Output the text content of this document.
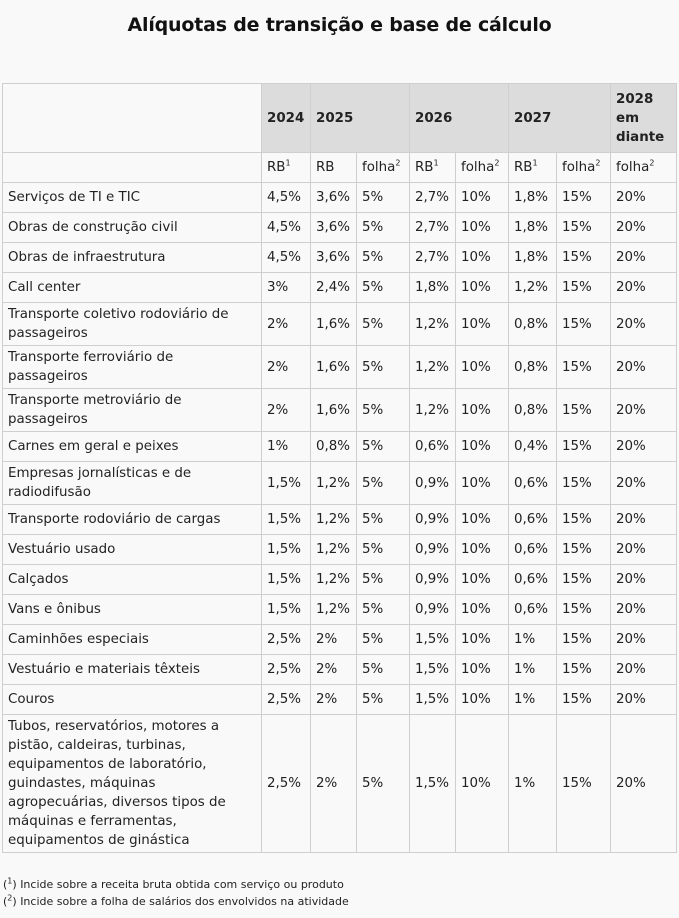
Alíquotas de transição e base de cálculo
	2024	2025		2026		2027		2028 em diante
	$RB^1$	RB	folha$^2$	$RB^1$	folha$^2$	$RB^1$	folha$^2$	folha$^2$
Serviços de TI e TIC	4,5%	3,6%	5%	2,7%	10%	1,8%	15%	20%
Obras de construção civil	4,5%	3,6%	5%	2,7%	10%	1,8%	15%	20%
Obras de infraestrutura	4,5%	3,6%	5%	2,7%	10%	1,8%	15%	20%
Call center	3%	2,4%	5%	1,8%	10%	1,2%	15%	20%
Transporte coletivo rodoviário de passageiros	2%	1,6%	5%	1,2%	10%	0,8%	15%	20%
Transporte ferroviário de passageiros	2%	1,6%	5%	1,2%	10%	0,8%	15%	20%
Transporte metroviário de passageiros	2%	1,6%	5%	1,2%	10%	0,8%	15%	20%
Carnes em geral e peixes	1%	0,8%	5%	0,6%	10%	0,4%	15%	20%
Empresas jornalísticas e de radiodifusão	1,5%	1,2%	5%	0,9%	10%	0,6%	15%	20%
Transporte rodoviário de cargas	1,5%	1,2%	5%	0,9%	10%	0,6%	15%	20%
Vestuário usado	1,5%	1,2%	5%	0,9%	10%	0,6%	15%	20%
Calçados	1,5%	1,2%	5%	0,9%	10%	0,6%	15%	20%
Vans e ônibus	1,5%	1,2%	5%	0,9%	10%	0,6%	15%	20%
Caminhões especiais	2,5%	2%	5%	1,5%	10%	1%	15%	20%
Vestuário e materiais têxteis	2,5%	2%	5%	1,5%	10%	1%	15%	20%
Couros	2,5%	2%	5%	1,5%	10%	1%	15%	20%
Tubos, reservatórios, motores a pistão, caldeiras, turbinas, equipamentos de laboratório, guindastes, máquinas agropecuárias, diversos tipos de máquinas e ferramentas, equipamentos de ginástica	2,5%	2%	5%	1,5%	10%	1%	15%	20%
($^1$) Incide sobre a receita bruta obtida com serviço ou produto
($^2$) Incide sobre a folha de salários dos envolvidos na atividade
